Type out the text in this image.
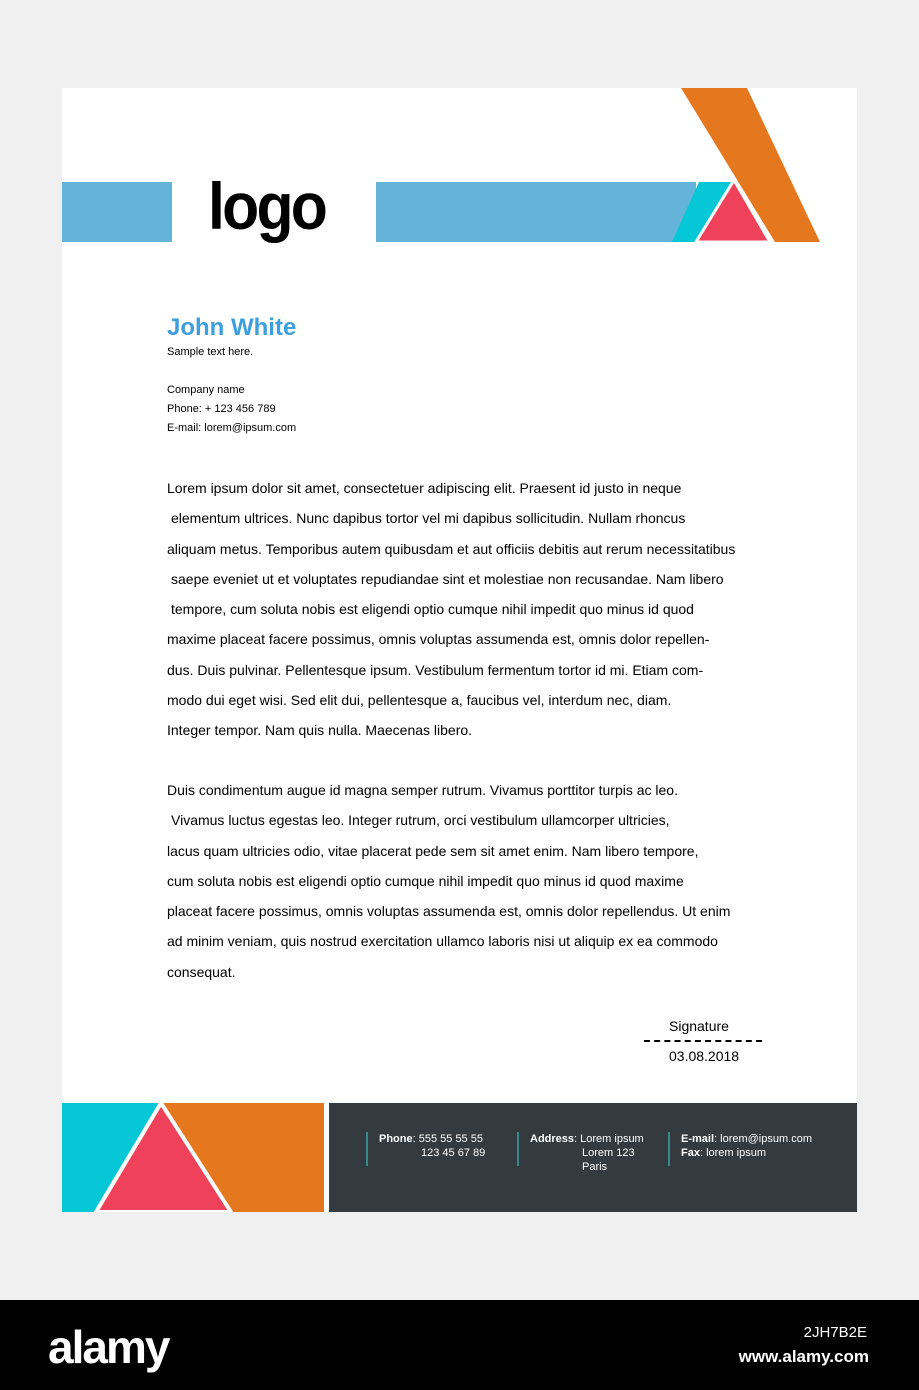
logo
John White
Sample text here.
Company name
Phone: + 123 456 789
E-mail: lorem@ipsum.com
Lorem ipsum dolor sit amet, consectetuer adipiscing elit. Praesent id justo in neque
elementum ultrices. Nunc dapibus tortor vel mi dapibus sollicitudin. Nullam rhoncus
aliquam metus. Temporibus autem quibusdam et aut officiis debitis aut rerum necessitatibus
saepe eveniet ut et voluptates repudiandae sint et molestiae non recusandae. Nam libero
tempore, cum soluta nobis est eligendi optio cumque nihil impedit quo minus id quod
maxime placeat facere possimus, omnis voluptas assumenda est, omnis dolor repellen-
dus. Duis pulvinar. Pellentesque ipsum. Vestibulum fermentum tortor id mi. Etiam com-
modo dui eget wisi. Sed elit dui, pellentesque a, faucibus vel, interdum nec, diam.
Integer tempor. Nam quis nulla. Maecenas libero.
Duis condimentum augue id magna semper rutrum. Vivamus porttitor turpis ac leo.
Vivamus luctus egestas leo. Integer rutrum, orci vestibulum ullamcorper ultricies,
lacus quam ultricies odio, vitae placerat pede sem sit amet enim. Nam libero tempore,
cum soluta nobis est eligendi optio cumque nihil impedit quo minus id quod maxime
placeat facere possimus, omnis voluptas assumenda est, omnis dolor repellendus. Ut enim
ad minim veniam, quis nostrud exercitation ullamco laboris nisi ut aliquip ex ea commodo
consequat.
Signature
03.08.2018
Phone : 555 55 55 55
123 45 67 89
Address : Lorem ipsum
Lorem 123
Paris
E-mail : lorem@ipsum.com
Fax : lorem ipsum
alamy	2JH7B2E
www.alamy.com
